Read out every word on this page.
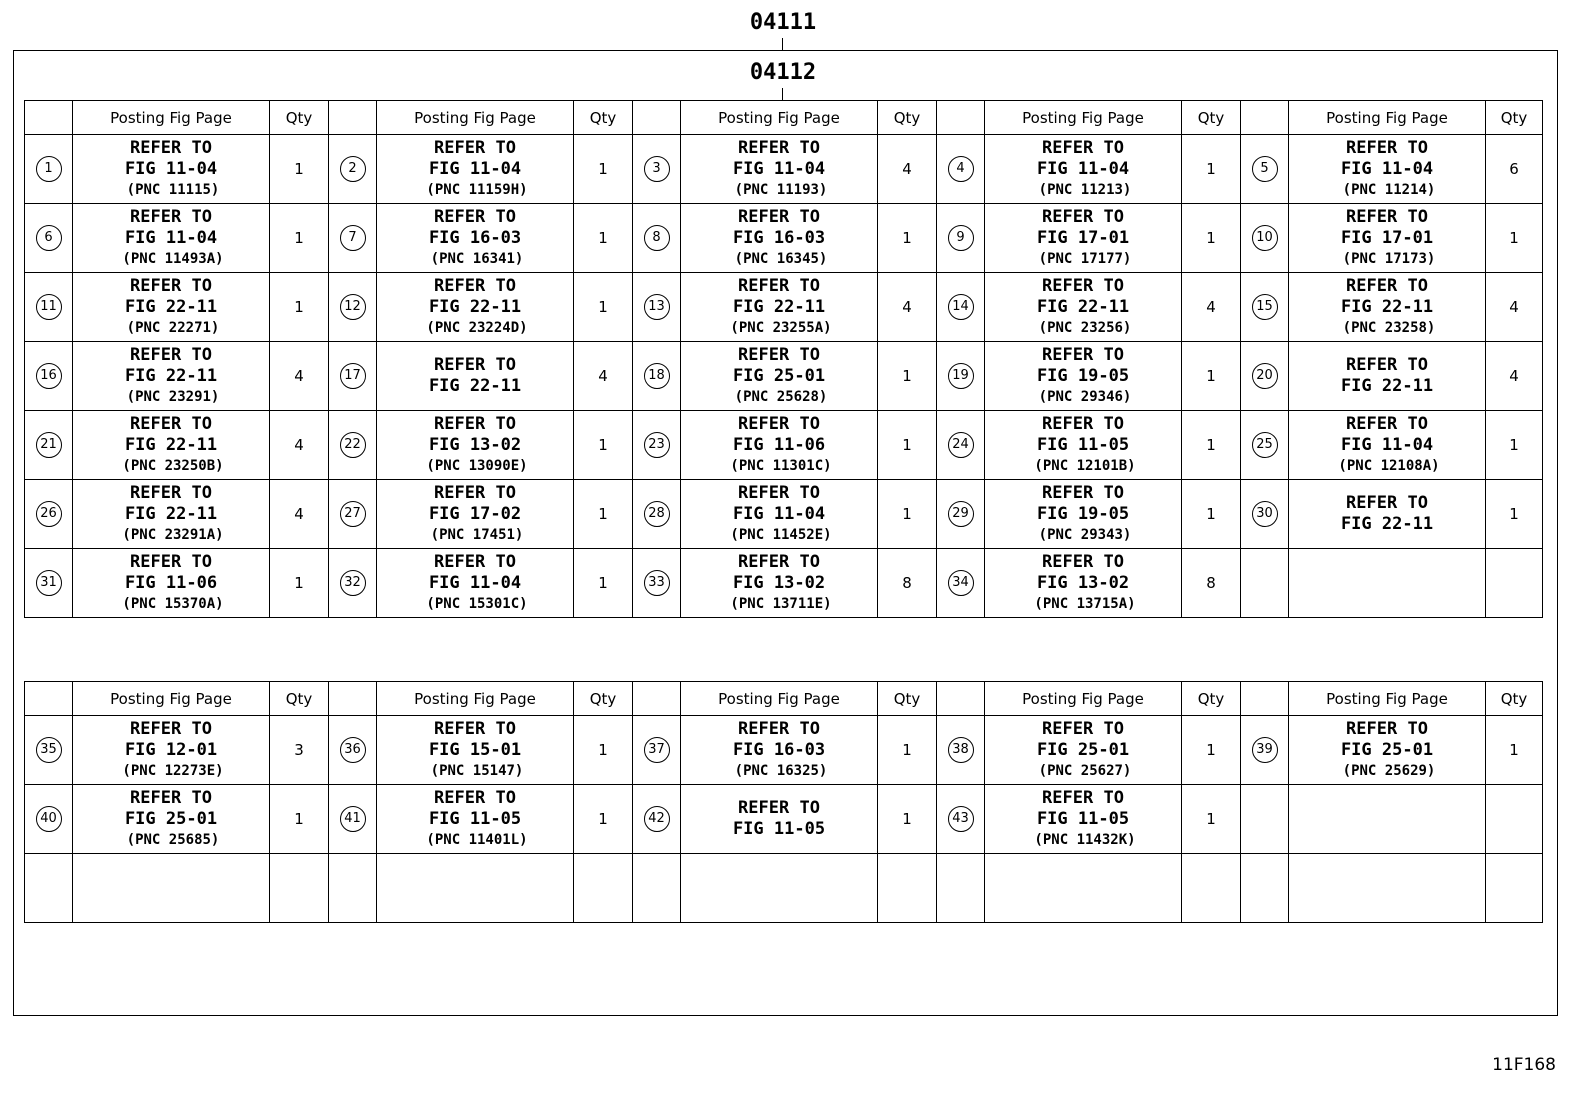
04111
04112
	Posting Fig Page	Qty		Posting Fig Page	Qty		Posting Fig Page	Qty		Posting Fig Page	Qty		Posting Fig Page	Qty
1	REFER TO
FIG 11-04
(PNC 11115)	1	2	REFER TO
FIG 11-04
(PNC 11159H)	1	3	REFER TO
FIG 11-04
(PNC 11193)	4	4	REFER TO
FIG 11-04
(PNC 11213)	1	5	REFER TO
FIG 11-04
(PNC 11214)	6
6	REFER TO
FIG 11-04
(PNC 11493A)	1	7	REFER TO
FIG 16-03
(PNC 16341)	1	8	REFER TO
FIG 16-03
(PNC 16345)	1	9	REFER TO
FIG 17-01
(PNC 17177)	1	10	REFER TO
FIG 17-01
(PNC 17173)	1
11	REFER TO
FIG 22-11
(PNC 22271)	1	12	REFER TO
FIG 22-11
(PNC 23224D)	1	13	REFER TO
FIG 22-11
(PNC 23255A)	4	14	REFER TO
FIG 22-11
(PNC 23256)	4	15	REFER TO
FIG 22-11
(PNC 23258)	4
16	REFER TO
FIG 22-11
(PNC 23291)	4	17	REFER TO
FIG 22-11	4	18	REFER TO
FIG 25-01
(PNC 25628)	1	19	REFER TO
FIG 19-05
(PNC 29346)	1	20	REFER TO
FIG 22-11	4
21	REFER TO
FIG 22-11
(PNC 23250B)	4	22	REFER TO
FIG 13-02
(PNC 13090E)	1	23	REFER TO
FIG 11-06
(PNC 11301C)	1	24	REFER TO
FIG 11-05
(PNC 12101B)	1	25	REFER TO
FIG 11-04
(PNC 12108A)	1
26	REFER TO
FIG 22-11
(PNC 23291A)	4	27	REFER TO
FIG 17-02
(PNC 17451)	1	28	REFER TO
FIG 11-04
(PNC 11452E)	1	29	REFER TO
FIG 19-05
(PNC 29343)	1	30	REFER TO
FIG 22-11	1
31	REFER TO
FIG 11-06
(PNC 15370A)	1	32	REFER TO
FIG 11-04
(PNC 15301C)	1	33	REFER TO
FIG 13-02
(PNC 13711E)	8	34	REFER TO
FIG 13-02
(PNC 13715A)	8			
	Posting Fig Page	Qty		Posting Fig Page	Qty		Posting Fig Page	Qty		Posting Fig Page	Qty		Posting Fig Page	Qty
35	REFER TO
FIG 12-01
(PNC 12273E)	3	36	REFER TO
FIG 15-01
(PNC 15147)	1	37	REFER TO
FIG 16-03
(PNC 16325)	1	38	REFER TO
FIG 25-01
(PNC 25627)	1	39	REFER TO
FIG 25-01
(PNC 25629)	1
40	REFER TO
FIG 25-01
(PNC 25685)	1	41	REFER TO
FIG 11-05
(PNC 11401L)	1	42	REFER TO
FIG 11-05	1	43	REFER TO
FIG 11-05
(PNC 11432K)	1			

11F168
